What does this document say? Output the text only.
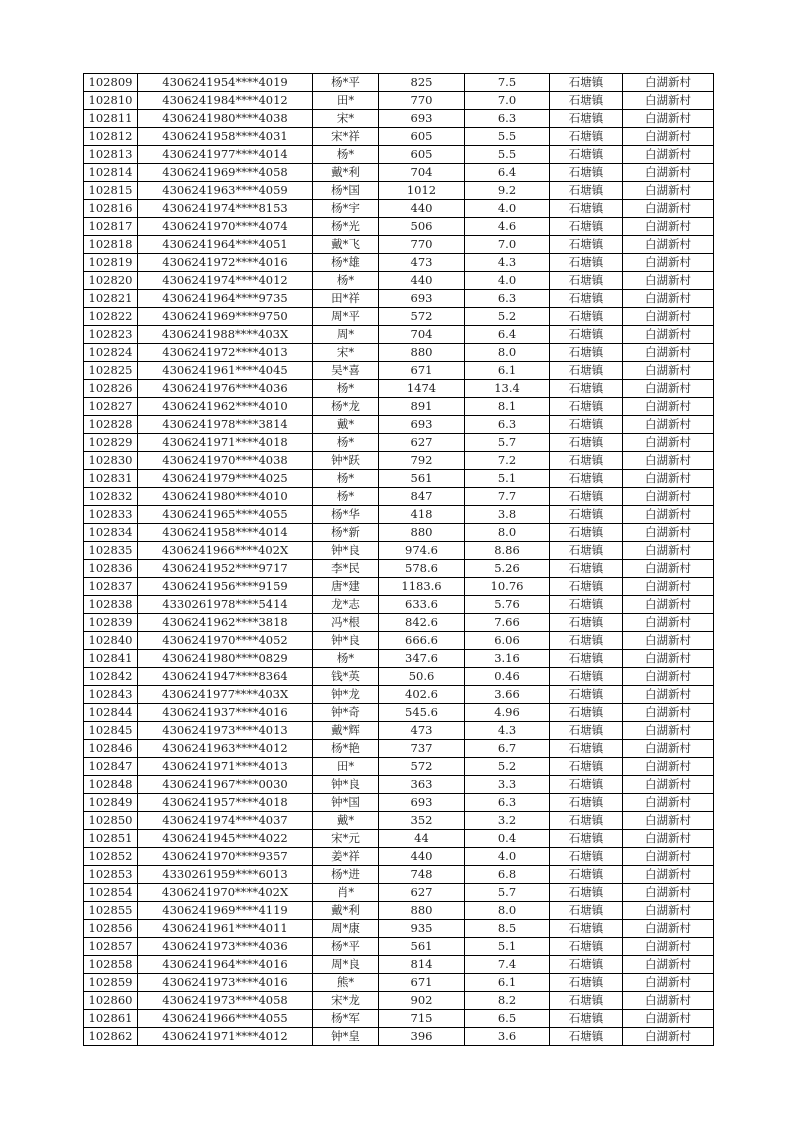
102809	4306241954****4019	杨*平	825	7.5	石塘镇	白湖新村
102810	4306241984****4012	田*	770	7.0	石塘镇	白湖新村
102811	4306241980****4038	宋*	693	6.3	石塘镇	白湖新村
102812	4306241958****4031	宋*祥	605	5.5	石塘镇	白湖新村
102813	4306241977****4014	杨*	605	5.5	石塘镇	白湖新村
102814	4306241969****4058	戴*利	704	6.4	石塘镇	白湖新村
102815	4306241963****4059	杨*国	1012	9.2	石塘镇	白湖新村
102816	4306241974****8153	杨*宇	440	4.0	石塘镇	白湖新村
102817	4306241970****4074	杨*光	506	4.6	石塘镇	白湖新村
102818	4306241964****4051	戴*飞	770	7.0	石塘镇	白湖新村
102819	4306241972****4016	杨*雄	473	4.3	石塘镇	白湖新村
102820	4306241974****4012	杨*	440	4.0	石塘镇	白湖新村
102821	4306241964****9735	田*祥	693	6.3	石塘镇	白湖新村
102822	4306241969****9750	周*平	572	5.2	石塘镇	白湖新村
102823	4306241988****403X	周*	704	6.4	石塘镇	白湖新村
102824	4306241972****4013	宋*	880	8.0	石塘镇	白湖新村
102825	4306241961****4045	吴*喜	671	6.1	石塘镇	白湖新村
102826	4306241976****4036	杨*	1474	13.4	石塘镇	白湖新村
102827	4306241962****4010	杨*龙	891	8.1	石塘镇	白湖新村
102828	4306241978****3814	戴*	693	6.3	石塘镇	白湖新村
102829	4306241971****4018	杨*	627	5.7	石塘镇	白湖新村
102830	4306241970****4038	钟*跃	792	7.2	石塘镇	白湖新村
102831	4306241979****4025	杨*	561	5.1	石塘镇	白湖新村
102832	4306241980****4010	杨*	847	7.7	石塘镇	白湖新村
102833	4306241965****4055	杨*华	418	3.8	石塘镇	白湖新村
102834	4306241958****4014	杨*新	880	8.0	石塘镇	白湖新村
102835	4306241966****402X	钟*良	974.6	8.86	石塘镇	白湖新村
102836	4306241952****9717	李*民	578.6	5.26	石塘镇	白湖新村
102837	4306241956****9159	唐*建	1183.6	10.76	石塘镇	白湖新村
102838	4330261978****5414	龙*志	633.6	5.76	石塘镇	白湖新村
102839	4306241962****3818	冯*根	842.6	7.66	石塘镇	白湖新村
102840	4306241970****4052	钟*良	666.6	6.06	石塘镇	白湖新村
102841	4306241980****0829	杨*	347.6	3.16	石塘镇	白湖新村
102842	4306241947****8364	钱*英	50.6	0.46	石塘镇	白湖新村
102843	4306241977****403X	钟*龙	402.6	3.66	石塘镇	白湖新村
102844	4306241937****4016	钟*奇	545.6	4.96	石塘镇	白湖新村
102845	4306241973****4013	戴*辉	473	4.3	石塘镇	白湖新村
102846	4306241963****4012	杨*艳	737	6.7	石塘镇	白湖新村
102847	4306241971****4013	田*	572	5.2	石塘镇	白湖新村
102848	4306241967****0030	钟*良	363	3.3	石塘镇	白湖新村
102849	4306241957****4018	钟*国	693	6.3	石塘镇	白湖新村
102850	4306241974****4037	戴*	352	3.2	石塘镇	白湖新村
102851	4306241945****4022	宋*元	44	0.4	石塘镇	白湖新村
102852	4306241970****9357	姜*祥	440	4.0	石塘镇	白湖新村
102853	4330261959****6013	杨*进	748	6.8	石塘镇	白湖新村
102854	4306241970****402X	肖*	627	5.7	石塘镇	白湖新村
102855	4306241969****4119	戴*利	880	8.0	石塘镇	白湖新村
102856	4306241961****4011	周*康	935	8.5	石塘镇	白湖新村
102857	4306241973****4036	杨*平	561	5.1	石塘镇	白湖新村
102858	4306241964****4016	周*良	814	7.4	石塘镇	白湖新村
102859	4306241973****4016	熊*	671	6.1	石塘镇	白湖新村
102860	4306241973****4058	宋*龙	902	8.2	石塘镇	白湖新村
102861	4306241966****4055	杨*军	715	6.5	石塘镇	白湖新村
102862	4306241971****4012	钟*皇	396	3.6	石塘镇	白湖新村
